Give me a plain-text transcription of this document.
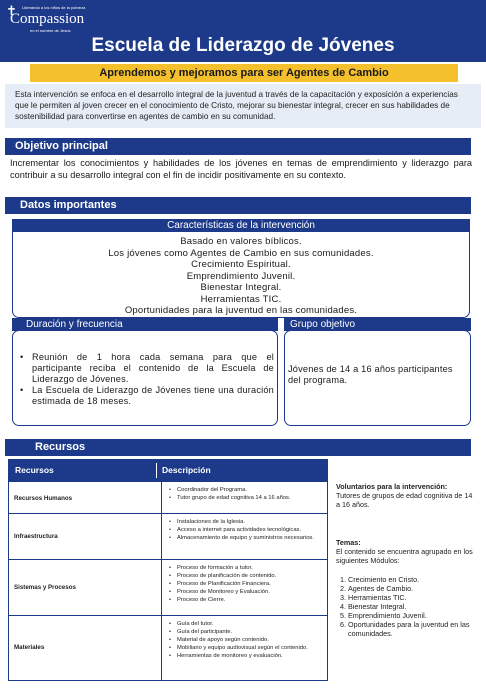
✝ Liberando a los niños de la pobreza
Compassion
en el nombre de Jesús
Escuela de Liderazgo de Jóvenes
Aprendemos y mejoramos para ser Agentes de Cambio
Esta intervención se enfoca en el desarrollo integral de la juventud a través de la capacitación y exposición a experiencias que le permiten al joven crecer en el conocimiento de Cristo, mejorar su bienestar integral, crecer en sus habilidades de sostenibilidad para convertirse en agentes de cambio en su comunidad.
Objetivo principal
Incrementar los conocimientos y habilidades de los jóvenes en temas de emprendimiento y liderazgo para contribuir a su desarrollo integral con el fin de incidir positivamente en su contexto.
Datos importantes
Características de la intervención
Basado en valores bíblicos.
Los jóvenes como Agentes de Cambio en sus comunidades.
Crecimiento Espiritual.
Emprendimiento Juvenil.
Bienestar Integral.
Herramientas TIC.
Oportunidades para la juventud en las comunidades.
Duración y frecuencia
• Reunión de 1 hora cada semana para que el participante reciba el contenido de la Escuela de Liderazgo de Jóvenes.
• La Escuela de Liderazgo de Jóvenes tiene una duración estimada de 18 meses.
Grupo objetivo
Jóvenes de 14 a 16 años participantes del programa.
Recursos
Recursos	Descripción
Recursos Humanos
• Coordinador del Programa.
• Tutor grupo de edad cognitiva 14 a 16 años.
Infraestructura
• Instalaciones de la Iglesia.
• Acceso a internet para actividades tecnológicas.
• Almacenamiento de equipo y suministros necesarios.
Sistemas y Procesos
• Proceso de formación a tutor.
• Proceso de planificación de contenido.
• Proceso de Planificación Financiera.
• Proceso de Monitoreo y Evaluación.
• Proceso de Cierre.
Materiales
• Guía del tutor.
• Guía del participante.
• Material de apoyo según contenido.
• Mobiliario y equipo audiovisual según el contenido.
• Herramientas de monitoreo y evaluación.
Voluntarios para la intervención:
Tutores de grupos de edad cognitiva de 14 a 16 años.
Temas:
El contenido se encuentra agrupado en los siguientes Módulos:
1. Crecimiento en Cristo.
2. Agentes de Cambio.
3. Herramientas TIC.
4. Bienestar Integral.
5. Emprendimiento Juvenil.
6. Oportunidades para la juventud en las comunidades.
